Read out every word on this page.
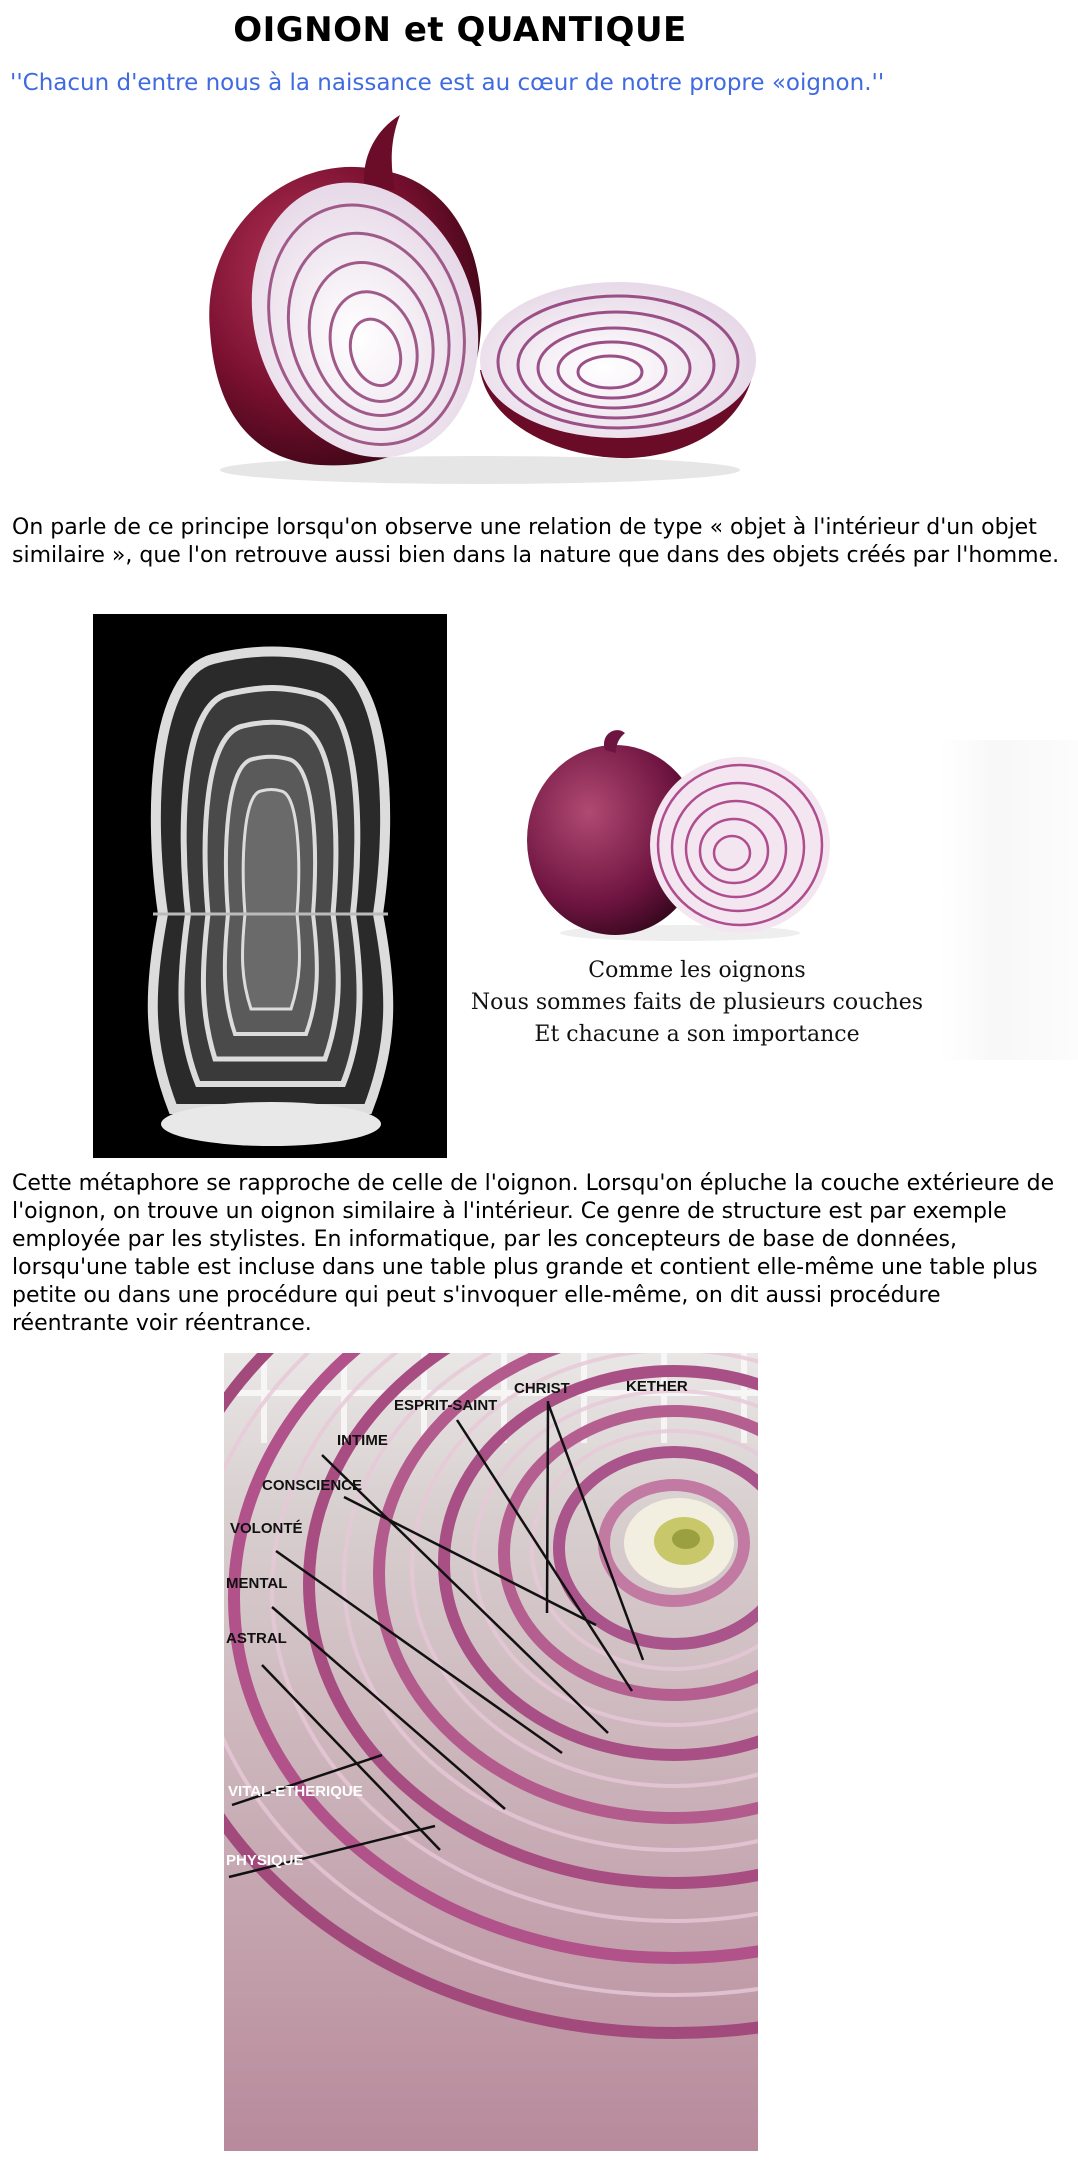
OIGNON et QUANTIQUE
''Chacun d'entre nous à la naissance est au cœur de notre propre «oignon.''
On parle de ce principe lorsqu'on observe une relation de type « objet à l'intérieur d'un objet similaire », que l'on retrouve aussi bien dans la nature que dans des objets créés par l'homme.
Comme les oignons
Nous sommes faits de plusieurs couches
Et chacune a son importance
Cette métaphore se rapproche de celle de l'oignon. Lorsqu'on épluche la couche extérieure de l'oignon, on trouve un oignon similaire à l'intérieur. Ce genre de structure est par exemple employée par les stylistes. En informatique, par les concepteurs de base de données, lorsqu'une table est incluse dans une table plus grande et contient elle-même une table plus petite ou dans une procédure qui peut s'invoquer elle-même, on dit aussi procédure réentrante voir réentrance.
CHRIST	KETHER
ESPRIT-SAINT
INTIME
CONSCIENCE
VOLONTÉ
MENTAL
ASTRAL
VITAL-ETHERIQUE
PHYSIQUE
